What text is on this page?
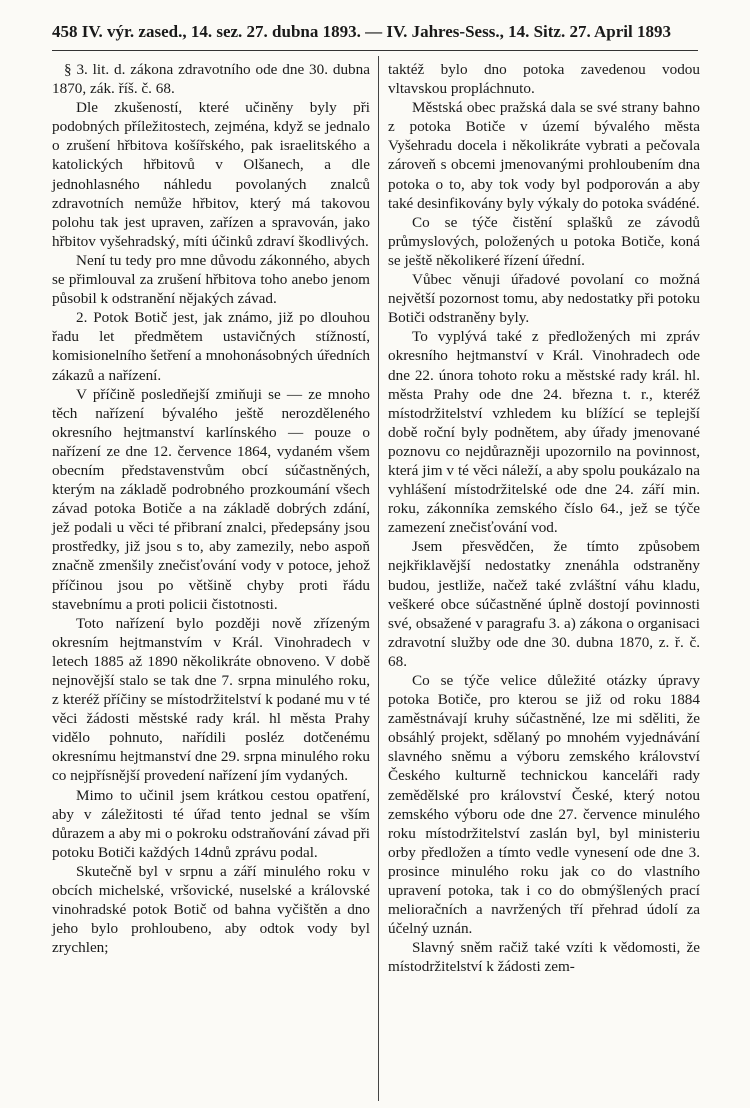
458 IV. výr. zased., 14. sez. 27. dubna 1893. — IV. Jahres-Sess., 14. Sitz. 27. April 1893

§ 3. lit. d. zákona zdravotního ode dne 30. dubna 1870, zák. říš. č. 68.

Dle zkušeností, které učiněny byly při podobných příležitostech, zejména, když se jednalo o zrušení hřbitova košířského, pak israelitského a katolických hřbitovů v Olšanech, a dle jednohlasného náhledu povolaných znalců zdravotních nemůže hřbitov, který má takovou polohu tak jest upraven, zařízen a spravován, jako hřbitov vyšehradský, míti účinků zdraví škodlivých.

Není tu tedy pro mne důvodu zákonného, abych se přimlouval za zrušení hřbitova toho anebo jenom působil k odstranění nějakých závad.

2. Potok Botič jest, jak známo, již po dlouhou řadu let předmětem ustavičných stížností, komisionelního šetření a mnohonásobných úředních zákazů a nařízení.

V příčině posledňejší zmiňuji se — ze mnoho těch nařízení bývalého ještě nerozděleného okresního hejtmanství karlínského — pouze o nařízení ze dne 12. července 1864, vydaném všem obecním představenstvům obcí súčastněných, kterým na základě podrobného prozkoumání všech závad potoka Botiče a na základě dobrých zdání, jež podali u věci té přibraní znalci, předepsány jsou prostředky, již jsou s to, aby zamezily, nebo aspoň značně zmenšily znečisťování vody v potoce, jehož příčinou jsou po většině chyby proti řádu stavebnímu a proti policii čistotnosti.

Toto nařízení bylo později nově zřízeným okresním hejtmanstvím v Král. Vinohradech v letech 1885 až 1890 několikráte obnoveno. V době nejnovější stalo se tak dne 7. srpna minulého roku, z kteréž příčiny se místodržitelství k podané mu v té věci žádosti městské rady král. hl města Prahy vidělo pohnuto, nařídili posléz dotčenému okresnímu hejtmanství dne 29. srpna minulého roku co nejpřísnější provedení nařízení jím vydaných.

Mimo to učinil jsem krátkou cestou opatření, aby v záležitosti té úřad tento jednal se vším důrazem a aby mi o pokroku odstraňování závad při potoku Botiči každých 14dnů zprávu podal.

Skutečně byl v srpnu a září minulého roku v obcích michelské, vršovické, nuselské a královské vinohradské potok Botič od bahna vyčištěn a dno jeho bylo prohloubeno, aby odtok vody byl zrychlen;

taktéž bylo dno potoka zavedenou vodou vltavskou propláchnuto.

Městská obec pražská dala se své strany bahno z potoka Botiče v území bývalého města Vyšehradu docela i několikráte vybrati a pečovala zároveň s obcemi jmenovanými prohloubením dna potoka o to, aby tok vody byl podporován a aby také desinfikovány byly výkaly do potoka svádéné.

Co se týče čistění splašků ze závodů průmyslových, položených u potoka Botiče, koná se ještě několikeré řízení úřední.

Vůbec věnuji úřadové povolaní co možná největší pozornost tomu, aby nedostatky při potoku Botiči odstraněny byly.

To vyplývá také z předložených mi zpráv okresního hejtmanství v Král. Vinohradech ode dne 22. února tohoto roku a městské rady král. hl. města Prahy ode dne 24. března t. r., kteréž místodržitelství vzhledem ku blížící se teplejší době roční byly podnětem, aby úřady jmenované poznovu co nejdůrazněji upozornilo na povinnost, která jim v té věci náleží, a aby spolu poukázalo na vyhlášení místodržitelské ode dne 24. září min. roku, zákonníka zemského číslo 64., jež se týče zamezení znečisťování vod.

Jsem přesvědčen, že tímto způsobem nejkřiklavější nedostatky znenáhla odstraněny budou, jestliže, načež také zvláštní váhu kladu, veškeré obce súčastněné úplně dostojí povinnosti své, obsažené v paragrafu 3. a) zákona o organisaci zdravotní služby ode dne 30. dubna 1870, z. ř. č. 68.

Co se týče velice důležité otázky úpravy potoka Botiče, pro kterou se již od roku 1884 zaměstnávají kruhy súčastněné, lze mi sděliti, že obsáhlý projekt, sdělaný po mnohém vyjednávání slavného sněmu a výboru zemského království Českého kulturně technickou kanceláři rady zemědělské pro království České, který notou zemského výboru ode dne 27. července minulého roku místodržitelství zaslán byl, byl ministeriu orby předložen a tímto vedle vynesení ode dne 3. prosince minulého roku jak co do vlastního upravení potoka, tak i co do obmýšlených prací melioračních a navržených tří přehrad údolí za účelný uznán.

Slavný sněm račiž také vzíti k vědomosti, že místodržitelství k žádosti zem-
